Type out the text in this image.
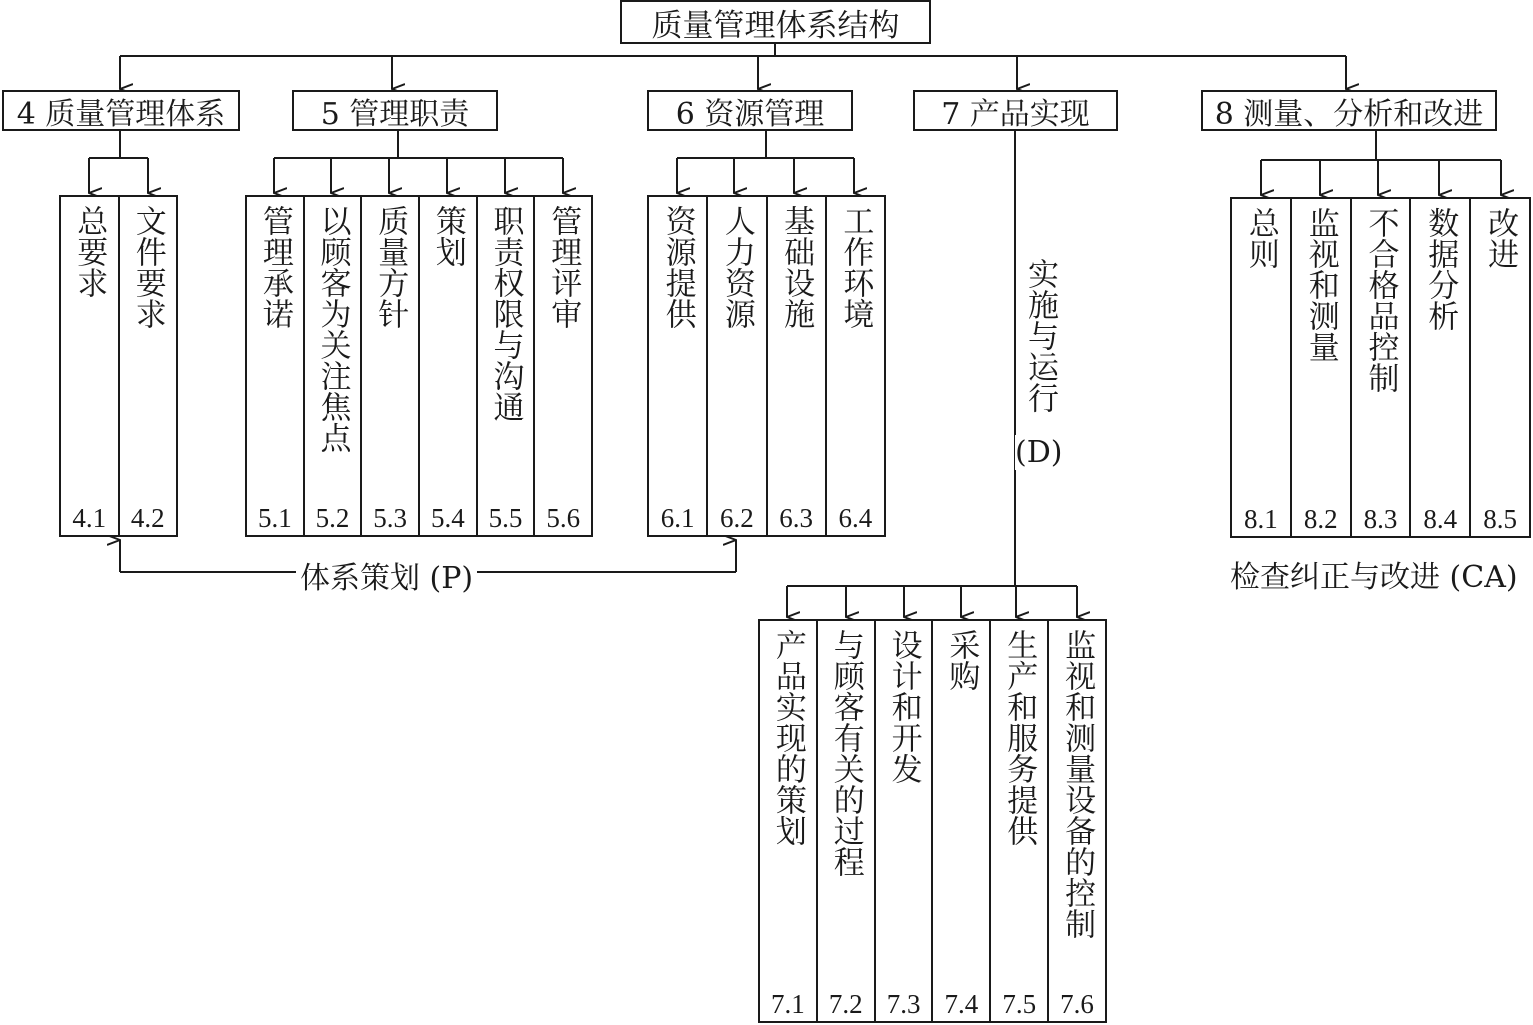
质量管理体系结构
4 质量管理体系	5 管理职责	6 资源管理	7 产品实现	8 测量、分析和改进
总要求
4.1
文件要求
4.2
管理承诺
5.1
以顾客为关注焦点
5.2
质量方针
5.3
策划
5.4
职责权限与沟通
5.5
管理评审
5.6
资源提供
6.1
人力资源
6.2
基础设施
6.3
工作环境
6.4
总则
8.1
监视和测量
8.2
不合格品控制
8.3
数据分析
8.4
改进
8.5
产品实现的策划
7.1
与顾客有关的过程
7.2
设计和开发
7.3
采购
7.4
生产和服务提供
7.5
监视和测量设备的控制
7.6
体系策划 (P)
实施与运行
(D)
检查纠正与改进 (CA)
